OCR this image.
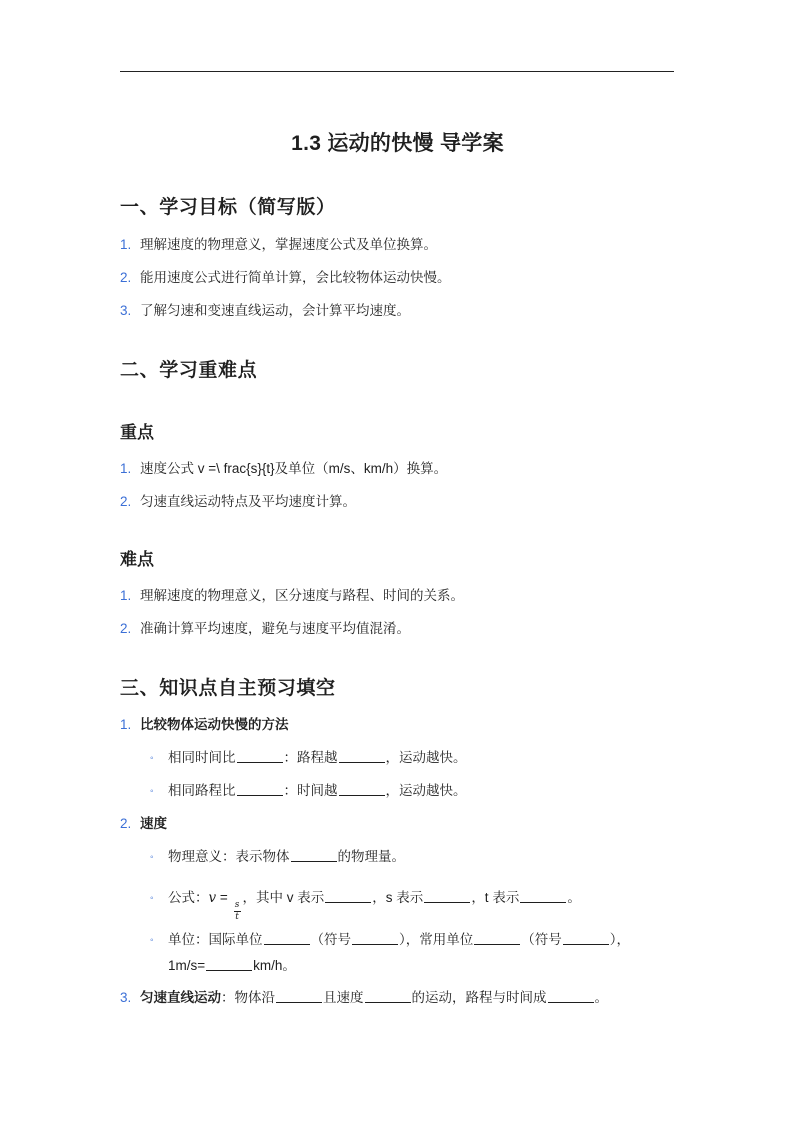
1.3 运动的快慢 导学案
一、学习目标（简写版）
1. 理解速度的物理意义，掌握速度公式及单位换算。
2. 能用速度公式进行简单计算，会比较物体运动快慢。
3. 了解匀速和变速直线运动，会计算平均速度。
二、学习重难点
重点
1. 速度公式 v =\ frac{s}{t}及单位（m/s、km/h）换算。
2. 匀速直线运动特点及平均速度计算。
难点
1. 理解速度的物理意义，区分速度与路程、时间的关系。
2. 准确计算平均速度，避免与速度平均值混淆。
三、知识点自主预习填空
1. 比较物体运动快慢的方法
◦ 相同时间比	：路程越	，运动越快。
◦ 相同路程比	：时间越	，运动越快。
2. 速度
◦ 物理意义：表示物体	的物理量。
◦ 公式：v =
$\frac{s}{t}$
，其中 v 表示	，s 表示	，t 表示	。
◦ 单位：国际单位	（符号	），常用单位	（符号	），
1m/s=	km/h。
3. 匀速直线运动：物体沿	且速度	的运动，路程与时间成	。
